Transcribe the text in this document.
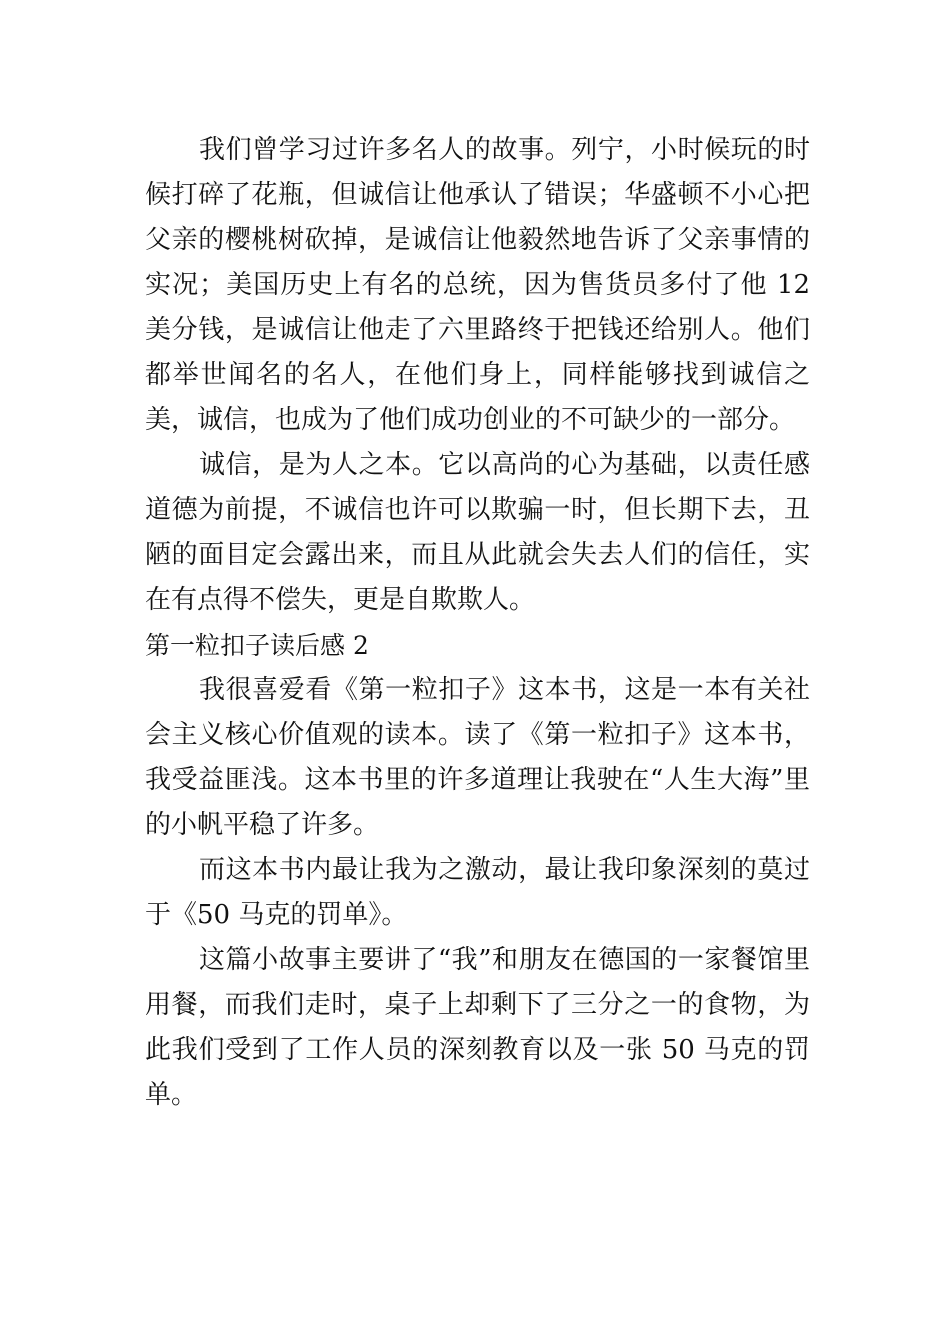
我们曾学习过许多名人的故事。列宁，小时候玩的时候打碎了花瓶，但诚信让他承认了错误；华盛顿不小心把父亲的樱桃树砍掉，是诚信让他毅然地告诉了父亲事情的实况；美国历史上有名的总统，因为售货员多付了他 12 美分钱，是诚信让他走了六里路终于把钱还给别人。他们都举世闻名的名人，在他们身上，同样能够找到诚信之美，诚信，也成为了他们成功创业的不可缺少的一部分。

诚信，是为人之本。它以高尚的心为基础，以责任感道德为前提，不诚信也许可以欺骗一时，但长期下去，丑陋的面目定会露出来，而且从此就会失去人们的信任，实在有点得不偿失，更是自欺欺人。

第一粒扣子读后感 2

我很喜爱看《第一粒扣子》这本书，这是一本有关社会主义核心价值观的读本。读了《第一粒扣子》这本书，我受益匪浅。这本书里的许多道理让我驶在“人生大海”里的小帆平稳了许多。

而这本书内最让我为之激动，最让我印象深刻的莫过于《50 马克的罚单》。

这篇小故事主要讲了“我”和朋友在德国的一家餐馆里用餐，而我们走时，桌子上却剩下了三分之一的食物，为此我们受到了工作人员的深刻教育以及一张 50 马克的罚单。
